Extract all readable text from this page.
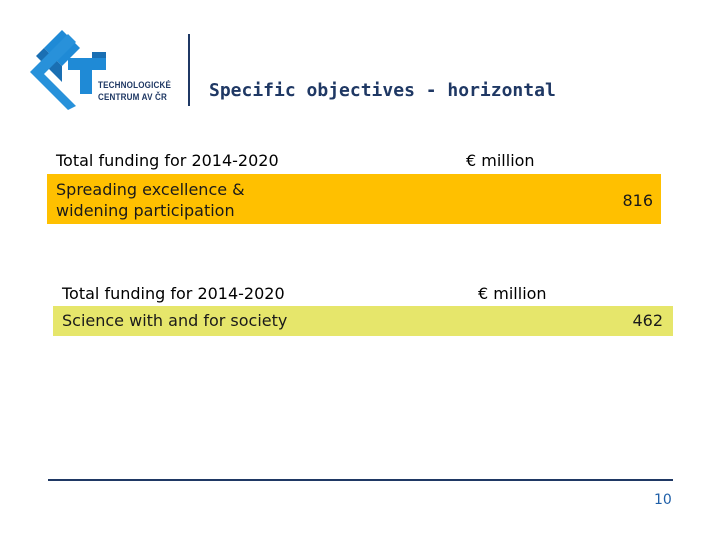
TECHNOLOGICKÉ
CENTRUM AV ČR Specific objectives - horizontal
Total funding for 2014-2020	€ million
Spreading excellence &
widening participation
816
Total funding for 2014-2020	€ million
Science with and for society	462
10
